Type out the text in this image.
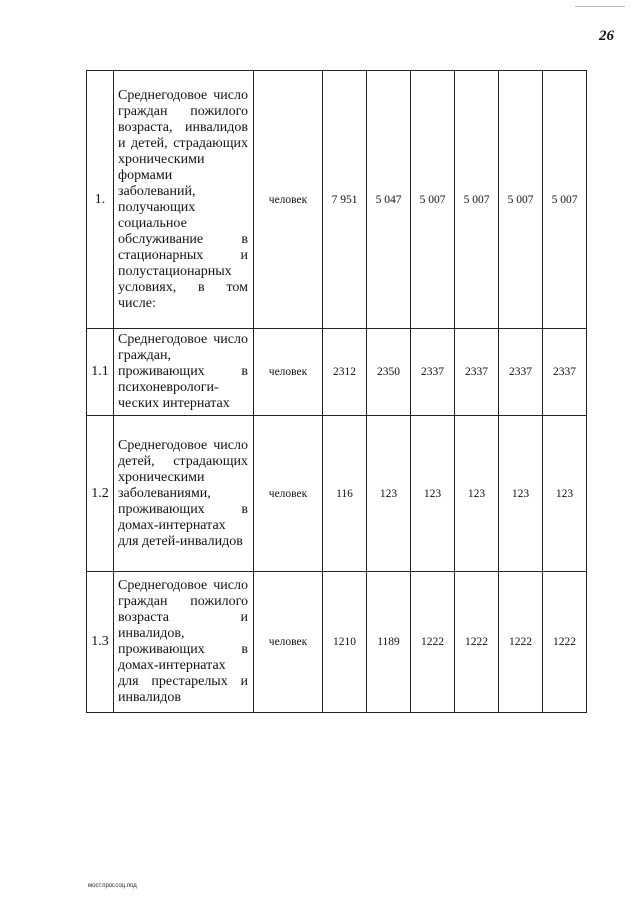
26
1.	Среднегодовое число граждан пожилого возраста, инвалидов и детей, страдающих хроническими формами заболеваний, получающих социальное обслуживание в стационарных и полустационарных условиях, в том числе:	человек	7 951	5 047	5 007	5 007	5 007	5 007
1.1	Среднегодовое число граждан, проживающих в психоневрологи-ческих интернатах	человек	2312	2350	2337	2337	2337	2337
1.2	Среднегодовое число детей, страдающих хроническими заболеваниями, проживающих в домах-интернатах для детей-инвалидов	человек	116	123	123	123	123	123
1.3	Среднегодовое число граждан пожилого возраста и инвалидов, проживающих в домах-интернатах для престарелых и инвалидов	человек	1210	1189	1222	1222	1222	1222
мост.прог.соц.под
